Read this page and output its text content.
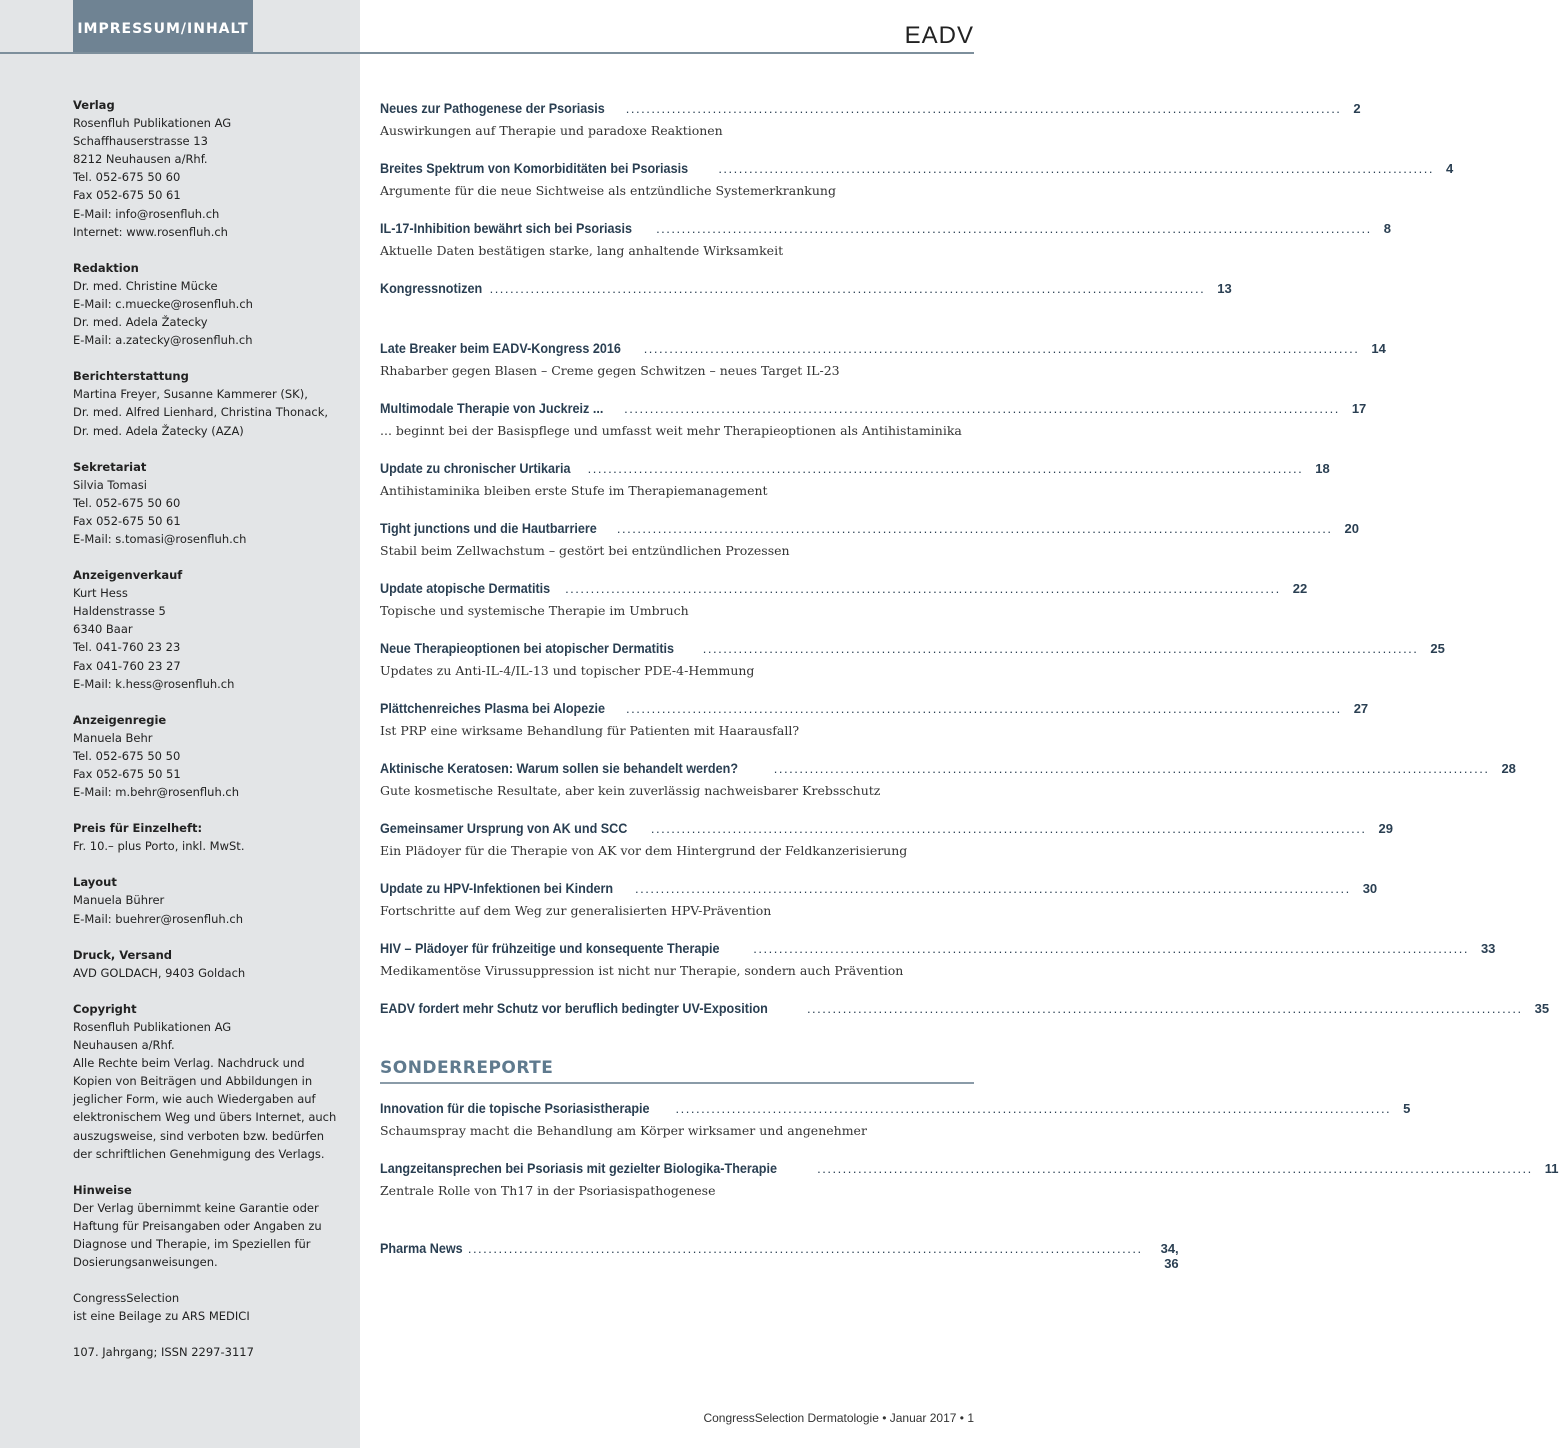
IMPRESSUM/INHALT	EADV
Verlag
Rosenfluh Publikationen AG
Schaffhauserstrasse 13
8212 Neuhausen a/Rhf.
Tel. 052-675 50 60
Fax 052-675 50 61
E-Mail: info@rosenfluh.ch
Internet: www.rosenfluh.ch
Redaktion
Dr. med. Christine Mücke
E-Mail: c.muecke@rosenfluh.ch
Dr. med. Adela Žatecky
E-Mail: a.zatecky@rosenfluh.ch
Berichterstattung
Martina Freyer, Susanne Kammerer (SK),
Dr. med. Alfred Lienhard, Christina Thonack,
Dr. med. Adela Žatecky (AZA)
Sekretariat
Silvia Tomasi
Tel. 052-675 50 60
Fax 052-675 50 61
E-Mail: s.tomasi@rosenfluh.ch
Anzeigenverkauf
Kurt Hess
Haldenstrasse 5
6340 Baar
Tel. 041-760 23 23
Fax 041-760 23 27
E-Mail: k.hess@rosenfluh.ch
Anzeigenregie
Manuela Behr
Tel. 052-675 50 50
Fax 052-675 50 51
E-Mail: m.behr@rosenfluh.ch
Preis für Einzelheft:
Fr. 10.– plus Porto, inkl. MwSt.
Layout
Manuela Bührer
E-Mail: buehrer@rosenfluh.ch
Druck, Versand
AVD GOLDACH, 9403 Goldach
Copyright
Rosenfluh Publikationen AG
Neuhausen a/Rhf.
Alle Rechte beim Verlag. Nachdruck und
Kopien von Beiträgen und Abbildungen in
jeglicher Form, wie auch Wiedergaben auf
elektronischem Weg und übers Internet, auch
auszugsweise, sind verboten bzw. bedürfen
der schriftlichen Genehmigung des Verlags.
Hinweise
Der Verlag übernimmt keine Garantie oder
Haftung für Preisangaben oder Angaben zu
Diagnose und Therapie, im Speziellen für
Dosierungsanweisungen.
CongressSelection
ist eine Beilage zu ARS MEDICI
107. Jahrgang; ISSN 2297-3117
Neues zur Pathogenese der Psoriasis ............................................................................................................................................ 2
Auswirkungen auf Therapie und paradoxe Reaktionen
Breites Spektrum von Komorbiditäten bei Psoriasis ............................................................................................................................................ 4
Argumente für die neue Sichtweise als entzündliche Systemerkrankung
IL-17-Inhibition bewährt sich bei Psoriasis ............................................................................................................................................ 8
Aktuelle Daten bestätigen starke, lang anhaltende Wirksamkeit
Kongressnotizen ............................................................................................................................................ 13
Late Breaker beim EADV-Kongress 2016 ............................................................................................................................................ 14
Rhabarber gegen Blasen – Creme gegen Schwitzen – neues Target IL-23
Multimodale Therapie von Juckreiz ... ............................................................................................................................................ 17
... beginnt bei der Basispflege und umfasst weit mehr Therapieoptionen als Antihistaminika
Update zu chronischer Urtikaria ............................................................................................................................................ 18
Antihistaminika bleiben erste Stufe im Therapiemanagement
Tight junctions und die Hautbarriere ............................................................................................................................................ 20
Stabil beim Zellwachstum – gestört bei entzündlichen Prozessen
Update atopische Dermatitis ............................................................................................................................................ 22
Topische und systemische Therapie im Umbruch
Neue Therapieoptionen bei atopischer Dermatitis ............................................................................................................................................ 25
Updates zu Anti-IL-4/IL-13 und topischer PDE-4-Hemmung
Plättchenreiches Plasma bei Alopezie ............................................................................................................................................ 27
Ist PRP eine wirksame Behandlung für Patienten mit Haarausfall?
Aktinische Keratosen: Warum sollen sie behandelt werden?	............................................................................................................................................ 28
Gute kosmetische Resultate, aber kein zuverlässig nachweisbarer Krebsschutz
Gemeinsamer Ursprung von AK und SCC ............................................................................................................................................ 29
Ein Plädoyer für die Therapie von AK vor dem Hintergrund der Feldkanzerisierung
Update zu HPV-Infektionen bei Kindern ............................................................................................................................................ 30
Fortschritte auf dem Weg zur generalisierten HPV-Prävention
HIV – Plädoyer für frühzeitige und konsequente Therapie	............................................................................................................................................ 33
Medikamentöse Virussuppression ist nicht nur Therapie, sondern auch Prävention
EADV fordert mehr Schutz vor beruflich bedingter UV-Exposition	............................................................................................................................................ 35
SONDERREPORTE
Innovation für die topische Psoriasistherapie ............................................................................................................................................ 5
Schaumspray macht die Behandlung am Körper wirksamer und angenehmer
Langzeitansprechen bei Psoriasis mit gezielter Biologika-Therapie	............................................................................................................................................ 11
Zentrale Rolle von Th17 in der Psoriasispathogenese
Pharma News .................................................................................................................................... 34, 36
CongressSelection Dermatologie • Januar 2017 • 1
